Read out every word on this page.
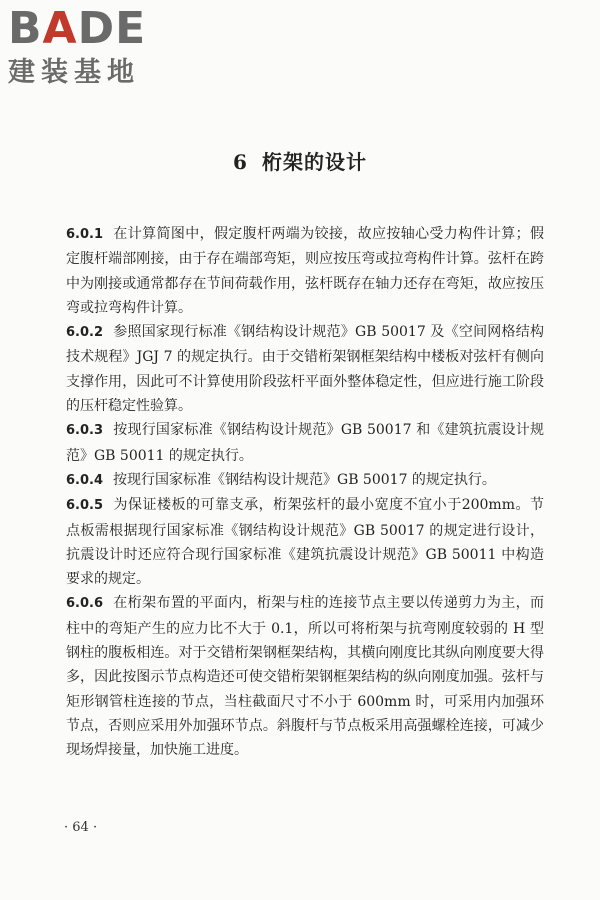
BADE
建装基地
6 桁架的设计

6.0.1 在计算简图中，假定腹杆两端为铰接，故应按轴心受力构件计算；假定腹杆端部刚接，由于存在端部弯矩，则应按压弯或拉弯构件计算。弦杆在跨中为刚接或通常都存在节间荷载作用，弦杆既存在轴力还存在弯矩，故应按压弯或拉弯构件计算。

6.0.2 参照国家现行标准《钢结构设计规范》GB 50017 及《空间网格结构技术规程》JGJ 7 的规定执行。由于交错桁架钢框架结构中楼板对弦杆有侧向支撑作用，因此可不计算使用阶段弦杆平面外整体稳定性，但应进行施工阶段的压杆稳定性验算。

6.0.3 按现行国家标准《钢结构设计规范》GB 50017 和《建筑抗震设计规范》GB 50011 的规定执行。

6.0.4 按现行国家标准《钢结构设计规范》GB 50017 的规定执行。

6.0.5 为保证楼板的可靠支承，桁架弦杆的最小宽度不宜小于200mm。节点板需根据现行国家标准《钢结构设计规范》GB 50017 的规定进行设计，抗震设计时还应符合现行国家标准《建筑抗震设计规范》GB 50011 中构造要求的规定。

6.0.6 在桁架布置的平面内，桁架与柱的连接节点主要以传递剪力为主，而柱中的弯矩产生的应力比不大于 0.1，所以可将桁架与抗弯刚度较弱的 H 型钢柱的腹板相连。对于交错桁架钢框架结构，其横向刚度比其纵向刚度要大得多，因此按图示节点构造还可使交错桁架钢框架结构的纵向刚度加强。弦杆与矩形钢管柱连接的节点，当柱截面尺寸不小于 600mm 时，可采用内加强环节点，否则应采用外加强环节点。斜腹杆与节点板采用高强螺栓连接，可减少现场焊接量，加快施工进度。

· 64 ·
